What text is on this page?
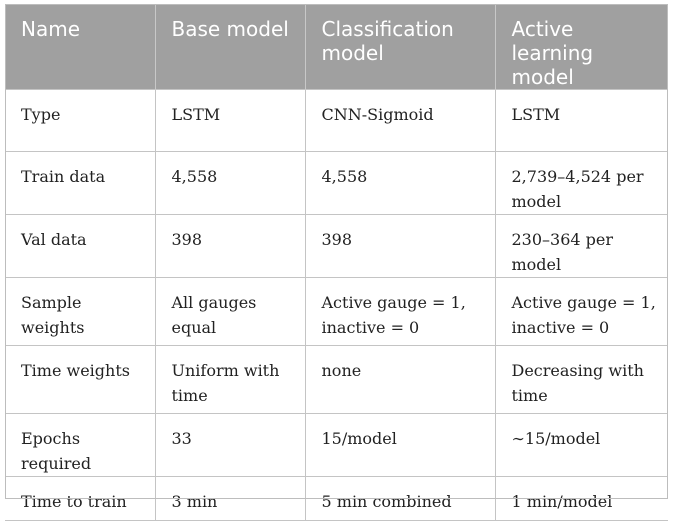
Name	Base model	Classification model	Active learning model
Type	LSTM	CNN-Sigmoid	LSTM
Train data	4,558	4,558	2,739–4,524 per model
Val data	398	398	230–364 per model
Sample weights	All gauges equal	Active gauge = 1, inactive = 0	Active gauge = 1, inactive = 0
Time weights	Uniform with time	none	Decreasing with time
Epochs required	33	15/model	∼15/model
Time to train	3 min	5 min combined	1 min/model
